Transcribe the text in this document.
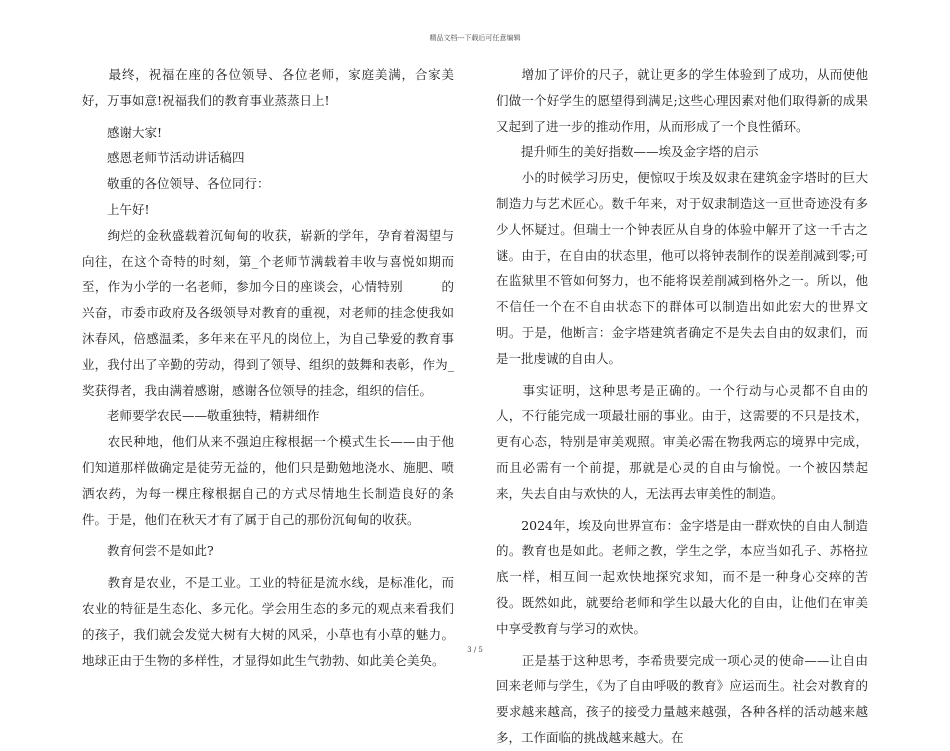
精品文档---下载后可任意编辑

　　最终，祝福在座的各位领导、各位老师，家庭美满，合家美好，万事如意!祝福我们的教育事业蒸蒸日上!

　　感谢大家!

　　感恩老师节活动讲话稿四

　　敬重的各位领导、各位同行：

　　上午好!

　　绚烂的金秋盛载着沉甸甸的收获，崭新的学年，孕育着渴望与向往，在这个奇特的时刻，第_个老师节满载着丰收与喜悦如期而至，作为小学的一名老师，参加今日的座谈会，心情特别　　　的兴奋，市委市政府及各级领导对教育的重视，对老师的挂念使我如沐春风，倍感温柔，多年来在平凡的岗位上，为自己挚爱的教育事业，我付出了辛勤的劳动，得到了领导、组织的鼓舞和表彰，作为_奖获得者，我由满着感谢，感谢各位领导的挂念，组织的信任。

　　老师要学农民——敬重独特，精耕细作

　　农民种地，他们从来不强迫庄稼根据一个模式生长——由于他们知道那样做确定是徒劳无益的，他们只是勤勉地浇水、施肥、喷洒农药，为每一棵庄稼根据自己的方式尽情地生长制造良好的条件。于是，他们在秋天才有了属于自己的那份沉甸甸的收获。

　　教育何尝不是如此?

　　教育是农业，不是工业。工业的特征是流水线，是标准化，而农业的特征是生态化、多元化。学会用生态的多元的观点来看我们的孩子，我们就会发觉大树有大树的风采，小草也有小草的魅力。地球正由于生物的多样性，才显得如此生气勃勃、如此美仑美奂。

　　增加了评价的尺子，就让更多的学生体验到了成功，从而使他们做一个好学生的愿望得到满足;这些心理因素对他们取得新的成果又起到了进一步的推动作用，从而形成了一个良性循环。

　　提升师生的美好指数——埃及金字塔的启示

　　小的时候学习历史，便惊叹于埃及奴隶在建筑金字塔时的巨大制造力与艺术匠心。数千年来，对于奴隶制造这一亘世奇迹没有多少人怀疑过。但瑞士一个钟表匠从自身的体验中解开了这一千古之谜。由于，在自由的状态里，他可以将钟表制作的误差削减到零;可在监狱里不管如何努力，也不能将误差削减到格外之一。所以，他不信任一个在不自由状态下的群体可以制造出如此宏大的世界文明。于是，他断言：金字塔建筑者确定不是失去自由的奴隶们，而是一批虔诚的自由人。

　　事实证明，这种思考是正确的。一个行动与心灵都不自由的人，不行能完成一项最壮丽的事业。由于，这需要的不只是技术，更有心态，特别是审美观照。审美必需在物我两忘的境界中完成，而且必需有一个前提，那就是心灵的自由与愉悦。一个被囚禁起来，失去自由与欢快的人，无法再去审美性的制造。

　　2024年，埃及向世界宣布：金字塔是由一群欢快的自由人制造的。教育也是如此。老师之教，学生之学，本应当如孔子、苏格拉底一样，相互间一起欢快地探究求知，而不是一种身心交瘁的苦役。既然如此，就要给老师和学生以最大化的自由，让他们在审美中享受教育与学习的欢快。

　　正是基于这种思考，李希贵要完成一项心灵的使命——让自由回来老师与学生，《为了自由呼吸的教育》应运而生。社会对教育的要求越来越高，孩子的接受力量越来越强，各种各样的活动越来越多，工作面临的挑战越来越大。在

3 / 5
